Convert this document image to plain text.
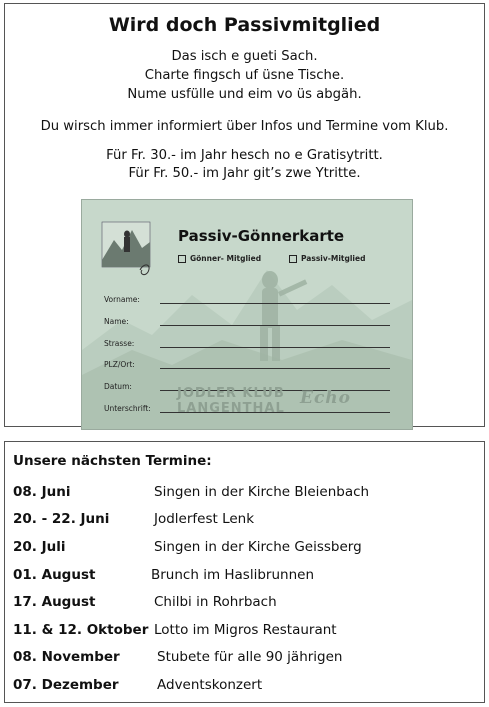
Wird doch Passivmitglied
Das isch e gueti Sach.
Charte fingsch uf üsne Tische.
Nume usfülle und eim vo üs abgäh.
Du wirsch immer informiert über Infos und Termine vom Klub.
Für Fr. 30.- im Jahr hesch no e Gratisytritt.
Für Fr. 50.- im Jahr git’s zwe Ytritte.
Passiv-Gönnerkarte
Gönner- Mitglied	Passiv-Mitglied
Vorname:
Name:
Strasse:
PLZ/Ort:
Datum:
Unterschrift:
JODLER KLUB
LANGENTHAL
Echo
Unsere nächsten Termine:
08. Juni	Singen in der Kirche Bleienbach
20. - 22. Juni	Jodlerfest Lenk
20. Juli	Singen in der Kirche Geissberg
01. August	Brunch im Haslibrunnen
17. August	Chilbi in Rohrbach
11. & 12. Oktober Lotto im Migros Restaurant
08. November	Stubete für alle 90 jährigen
07. Dezember	Adventskonzert
